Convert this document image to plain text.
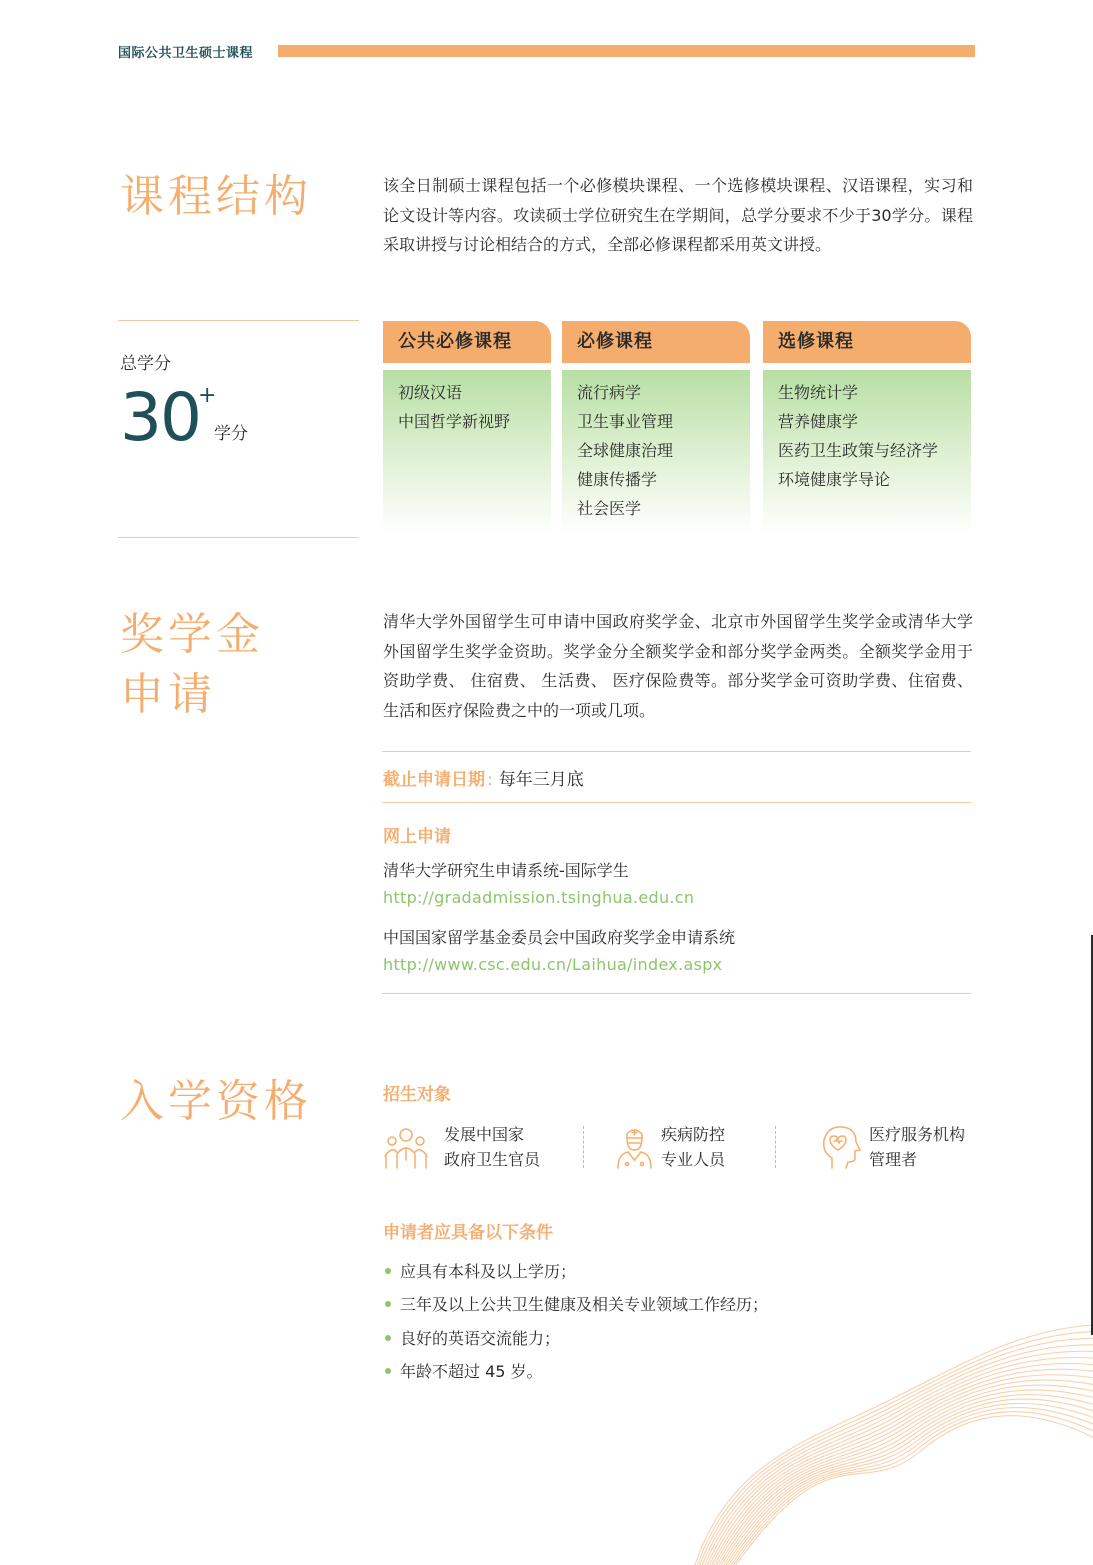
国际公共卫生硕士课程
课程结构	该全日制硕士课程包括一个必修模块课程、一个选修模块课程、汉语课程，实习和论文设计等内容。攻读硕士学位研究生在学期间，总学分要求不少于30学分。课程采取讲授与讨论相结合的方式，全部必修课程都采用英文讲授。
总学分
30
+
学分
公共必修课程
初级汉语
中国哲学新视野
必修课程
流行病学
卫生事业管理
全球健康治理
健康传播学
社会医学
选修课程
生物统计学
营养健康学
医药卫生政策与经济学
环境健康学导论
奖学金
申请
清华大学外国留学生可申请中国政府奖学金、北京市外国留学生奖学金或清华大学外国留学生奖学金资助。奖学金分全额奖学金和部分奖学金两类。全额奖学金用于资助学费、 住宿费、 生活费、 医疗保险费等。部分奖学金可资助学费、住宿费、生活和医疗保险费之中的一项或几项。
截止申请日期 : 每年三月底
网上申请
清华大学研究生申请系统-国际学生
http://gradadmission.tsinghua.edu.cn
中国国家留学基金委员会中国政府奖学金申请系统
http://www.csc.edu.cn/Laihua/index.aspx
入学资格	招生对象
发展中国家
政府卫生官员
疾病防控
专业人员
医疗服务机构
管理者
申请者应具备以下条件
应具有本科及以上学历；
三年及以上公共卫生健康及相关专业领域工作经历；
良好的英语交流能力；
年龄不超过 45 岁。
